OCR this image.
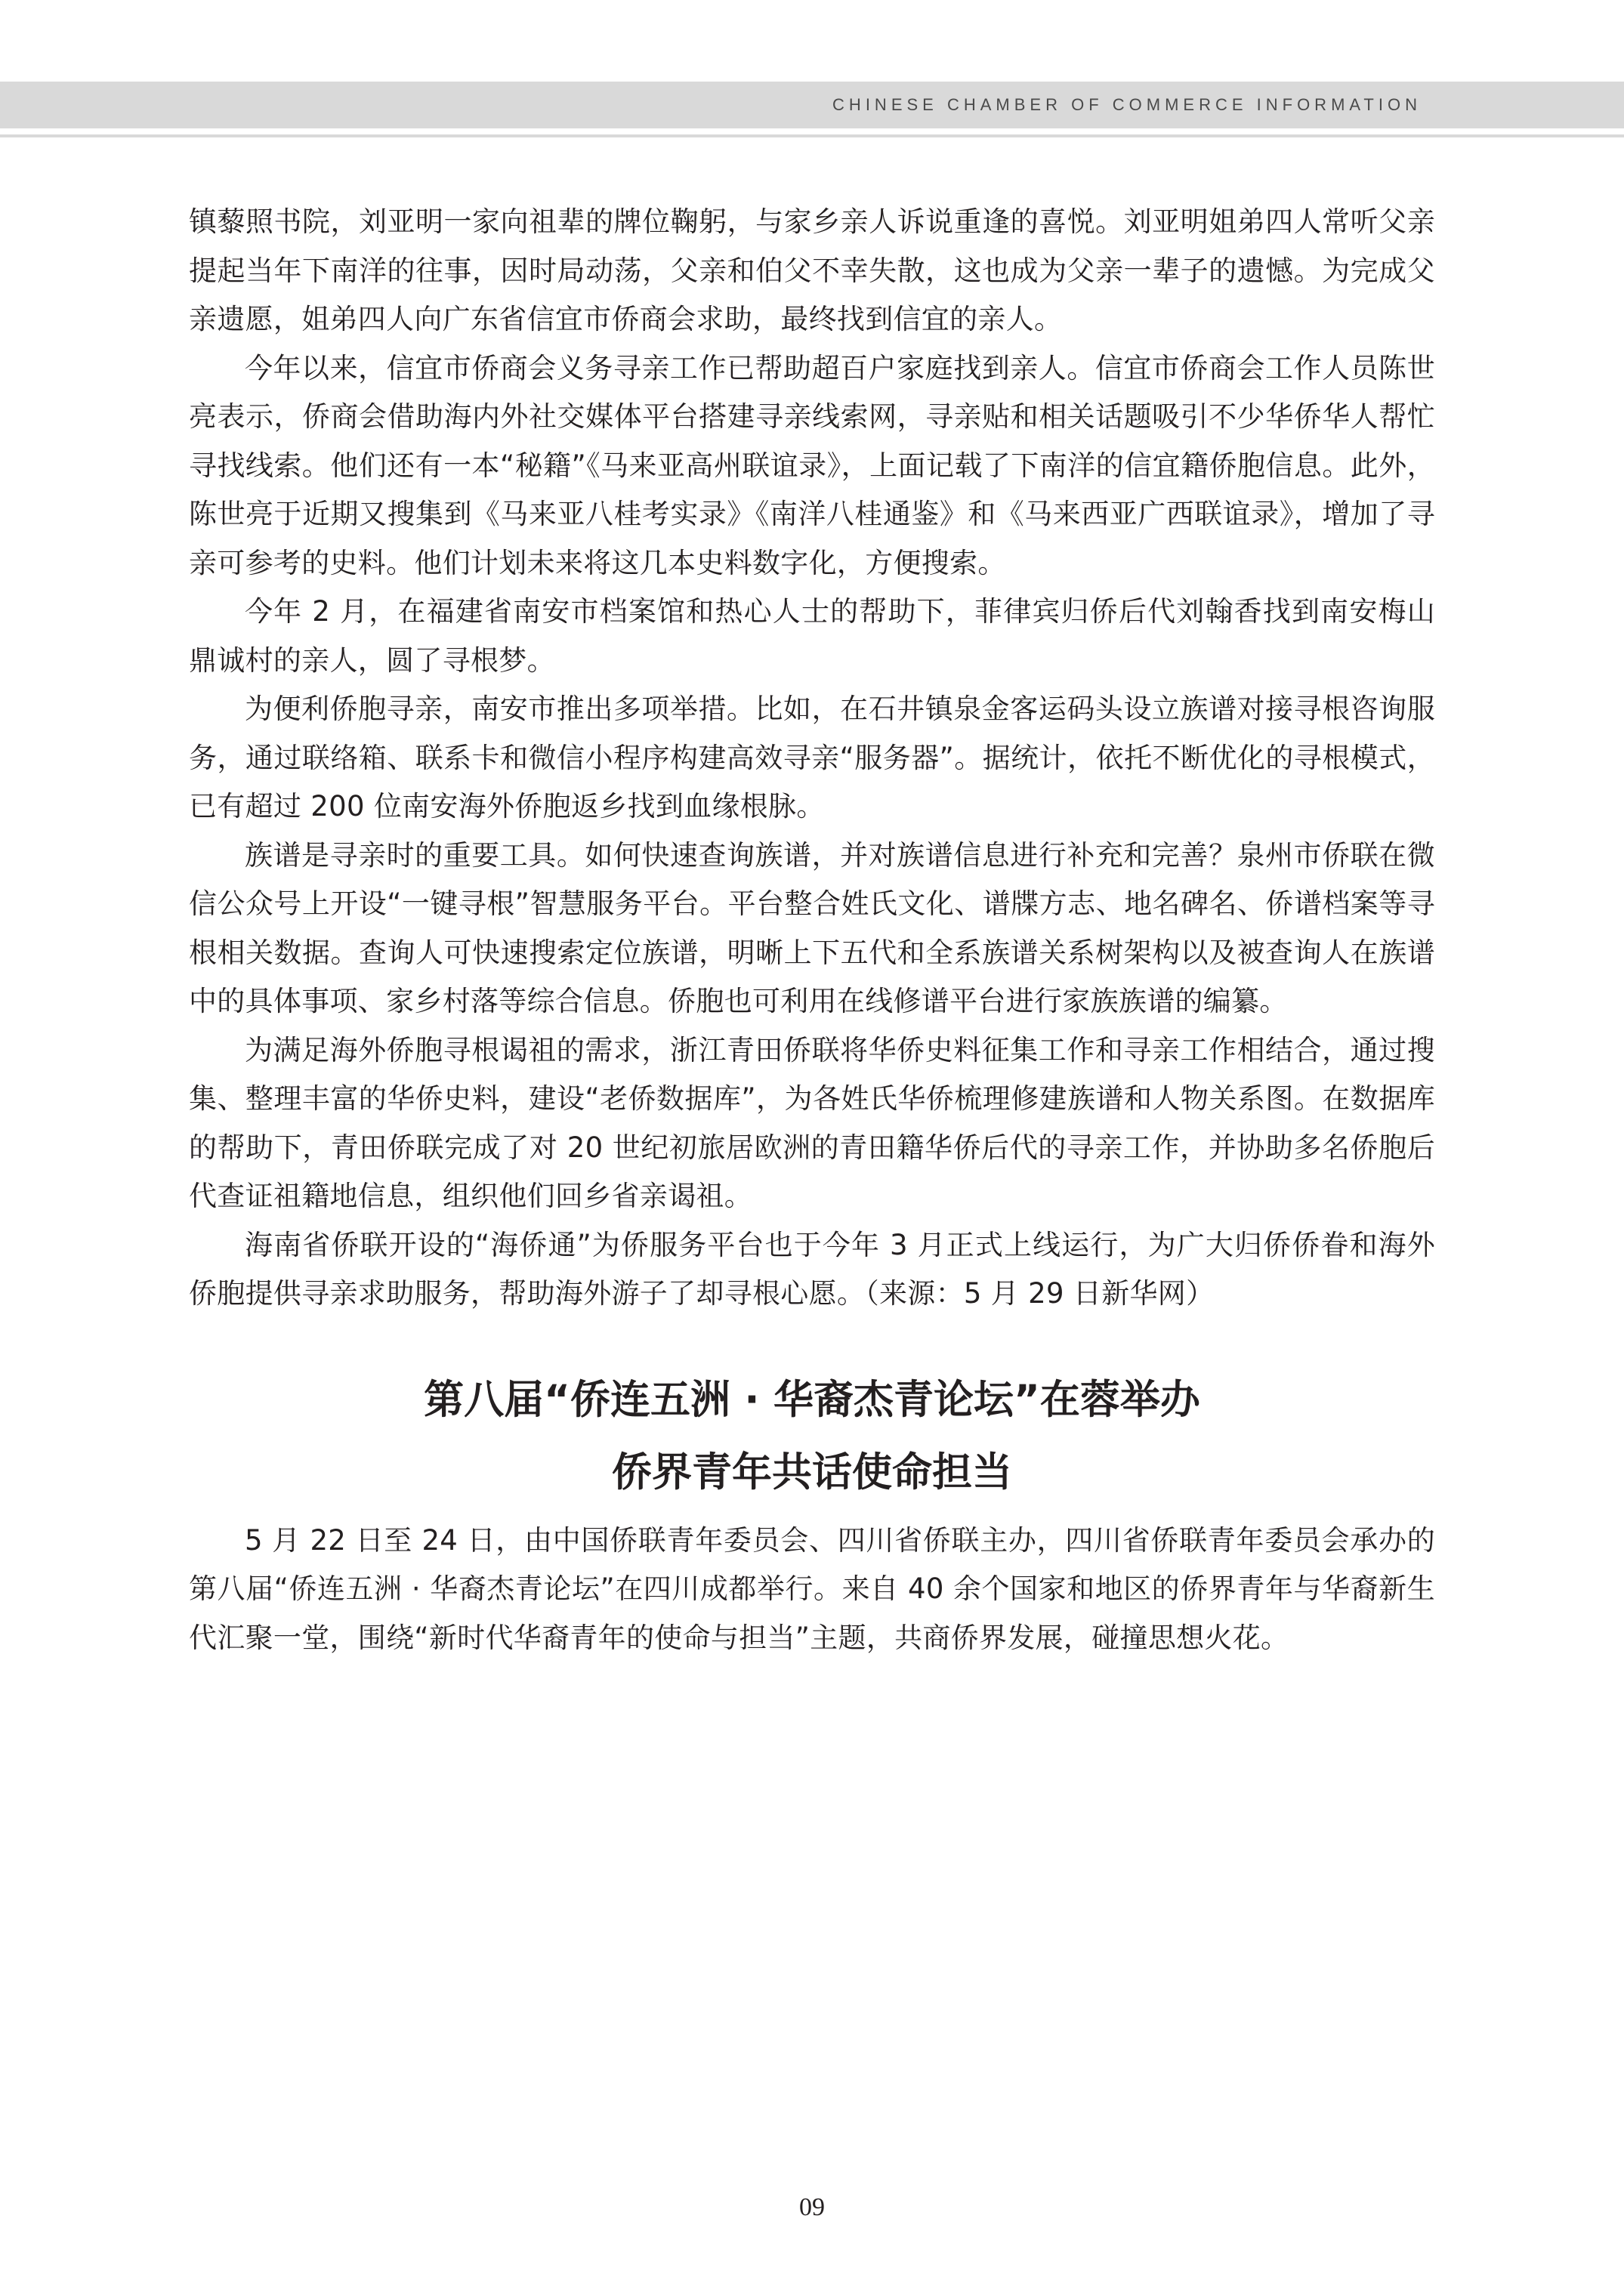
CHINESE CHAMBER OF COMMERCE INFORMATION

镇藜照书院，刘亚明一家向祖辈的牌位鞠躬，与家乡亲人诉说重逢的喜悦。刘亚明姐弟四人常听父亲提起当年下南洋的往事，因时局动荡，父亲和伯父不幸失散，这也成为父亲一辈子的遗憾。为完成父亲遗愿，姐弟四人向广东省信宜市侨商会求助，最终找到信宜的亲人。

今年以来，信宜市侨商会义务寻亲工作已帮助超百户家庭找到亲人。信宜市侨商会工作人员陈世亮表示，侨商会借助海内外社交媒体平台搭建寻亲线索网，寻亲贴和相关话题吸引不少华侨华人帮忙寻找线索。他们还有一本“秘籍”《马来亚高州联谊录》，上面记载了下南洋的信宜籍侨胞信息。此外，陈世亮于近期又搜集到《马来亚八桂考实录》《南洋八桂通鉴》和《马来西亚广西联谊录》，增加了寻亲可参考的史料。他们计划未来将这几本史料数字化，方便搜索。

今年 2 月，在福建省南安市档案馆和热心人士的帮助下，菲律宾归侨后代刘翰香找到南安梅山鼎诚村的亲人，圆了寻根梦。

为便利侨胞寻亲，南安市推出多项举措。比如，在石井镇泉金客运码头设立族谱对接寻根咨询服务，通过联络箱、联系卡和微信小程序构建高效寻亲“服务器”。据统计，依托不断优化的寻根模式，已有超过 200 位南安海外侨胞返乡找到血缘根脉。

族谱是寻亲时的重要工具。如何快速查询族谱，并对族谱信息进行补充和完善？泉州市侨联在微信公众号上开设“一键寻根”智慧服务平台。平台整合姓氏文化、谱牒方志、地名碑名、侨谱档案等寻根相关数据。查询人可快速搜索定位族谱，明晰上下五代和全系族谱关系树架构以及被查询人在族谱中的具体事项、家乡村落等综合信息。侨胞也可利用在线修谱平台进行家族族谱的编纂。

为满足海外侨胞寻根谒祖的需求，浙江青田侨联将华侨史料征集工作和寻亲工作相结合，通过搜集、整理丰富的华侨史料，建设“老侨数据库”，为各姓氏华侨梳理修建族谱和人物关系图。在数据库的帮助下，青田侨联完成了对 20 世纪初旅居欧洲的青田籍华侨后代的寻亲工作，并协助多名侨胞后代查证祖籍地信息，组织他们回乡省亲谒祖。

海南省侨联开设的“海侨通”为侨服务平台也于今年 3 月正式上线运行，为广大归侨侨眷和海外侨胞提供寻亲求助服务，帮助海外游子了却寻根心愿。（来源：5 月 29 日新华网）

第八届“侨连五洲 · 华裔杰青论坛”在蓉举办
侨界青年共话使命担当

5 月 22 日至 24 日，由中国侨联青年委员会、四川省侨联主办，四川省侨联青年委员会承办的第八届“侨连五洲 · 华裔杰青论坛”在四川成都举行。来自 40 余个国家和地区的侨界青年与华裔新生代汇聚一堂，围绕“新时代华裔青年的使命与担当”主题，共商侨界发展，碰撞思想火花。

09
